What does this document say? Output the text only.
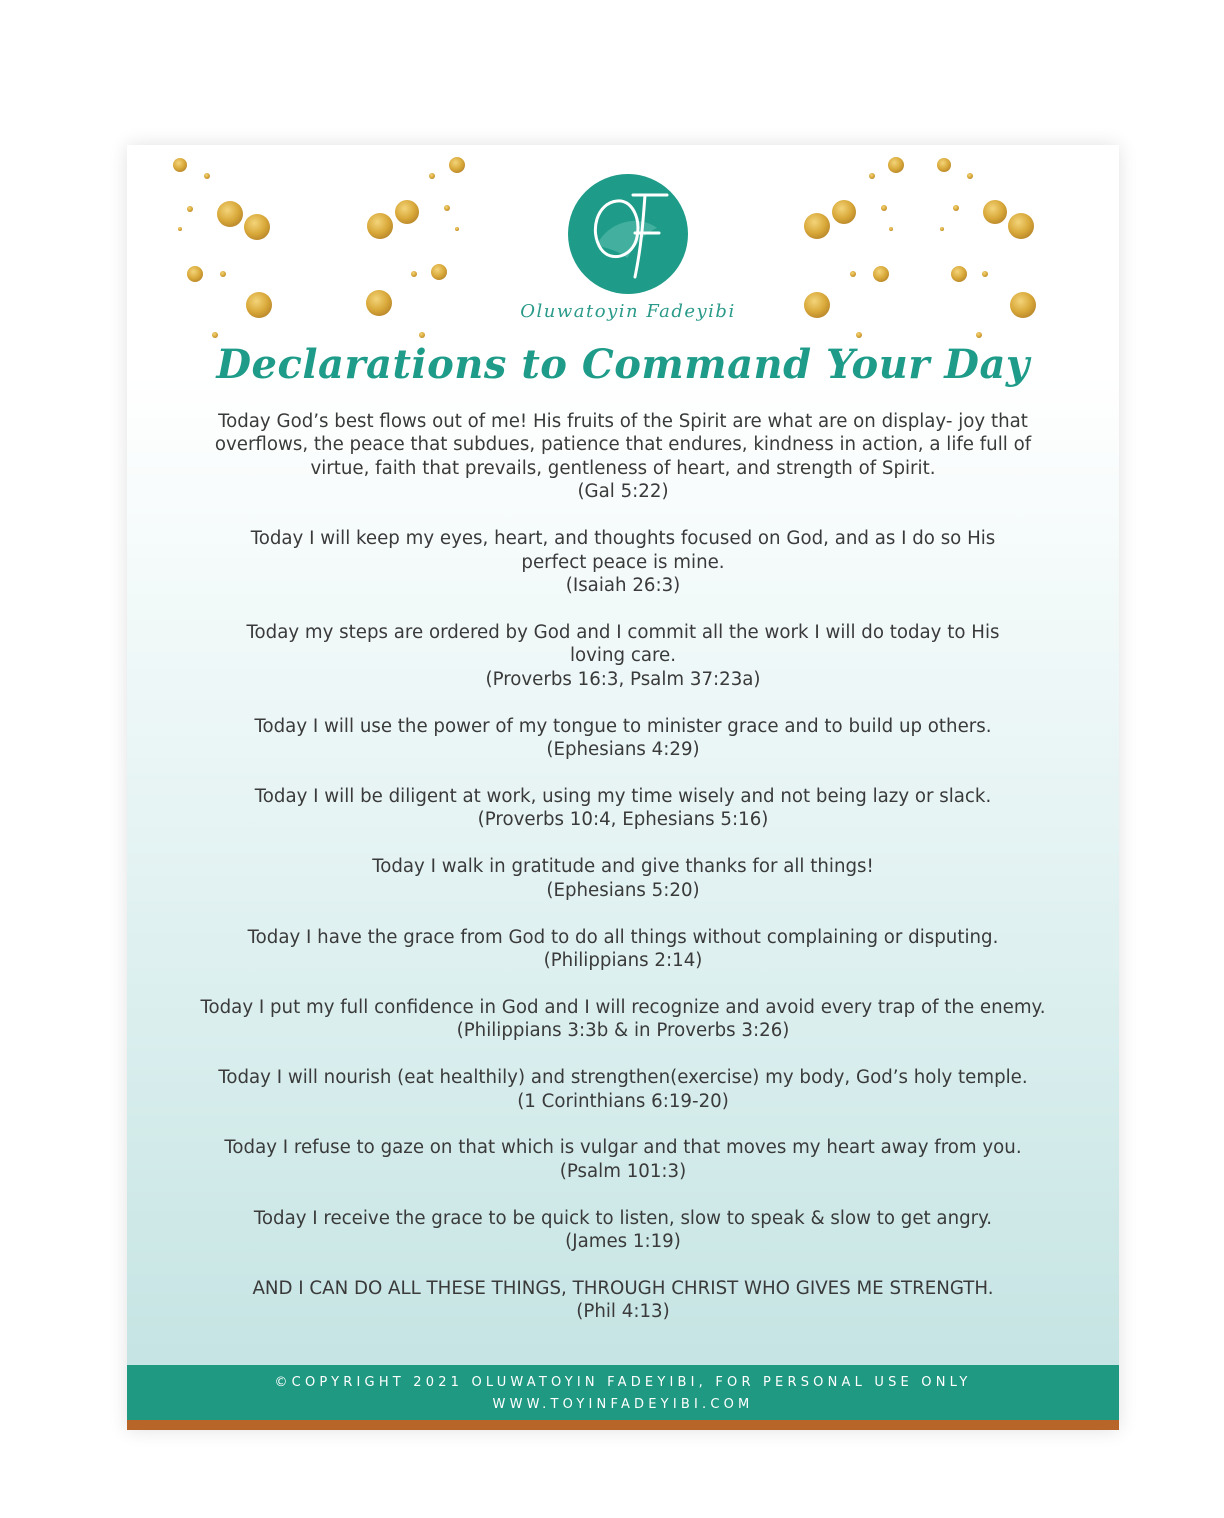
Oluwatoyin Fadeyibi
Declarations to Command Your Day
Today God’s best flows out of me! His fruits of the Spirit are what are on display- joy that overflows, the peace that subdues, patience that endures, kindness in action, a life full of virtue, faith that prevails, gentleness of heart, and strength of Spirit.
(Gal 5:22)
Today I will keep my eyes, heart, and thoughts focused on God, and as I do so His perfect peace is mine.
(Isaiah 26:3)
Today my steps are ordered by God and I commit all the work I will do today to His loving care.
(Proverbs 16:3, Psalm 37:23a)
Today I will use the power of my tongue to minister grace and to build up others.
(Ephesians 4:29)
Today I will be diligent at work, using my time wisely and not being lazy or slack.
(Proverbs 10:4, Ephesians 5:16)
Today I walk in gratitude and give thanks for all things!
(Ephesians 5:20)
Today I have the grace from God to do all things without complaining or disputing.
(Philippians 2:14)
Today I put my full confidence in God and I will recognize and avoid every trap of the enemy.
(Philippians 3:3b & in Proverbs 3:26)
Today I will nourish (eat healthily) and strengthen(exercise) my body, God’s holy temple.
(1 Corinthians 6:19-20)
Today I refuse to gaze on that which is vulgar and that moves my heart away from you.
(Psalm 101:3)
Today I receive the grace to be quick to listen, slow to speak & slow to get angry.
(James 1:19)
AND I CAN DO ALL THESE THINGS, THROUGH CHRIST WHO GIVES ME STRENGTH.
(Phil 4:13)
©COPYRIGHT 2021 OLUWATOYIN FADEYIBI, FOR PERSONAL USE ONLY
WWW.TOYINFADEYIBI.COM
